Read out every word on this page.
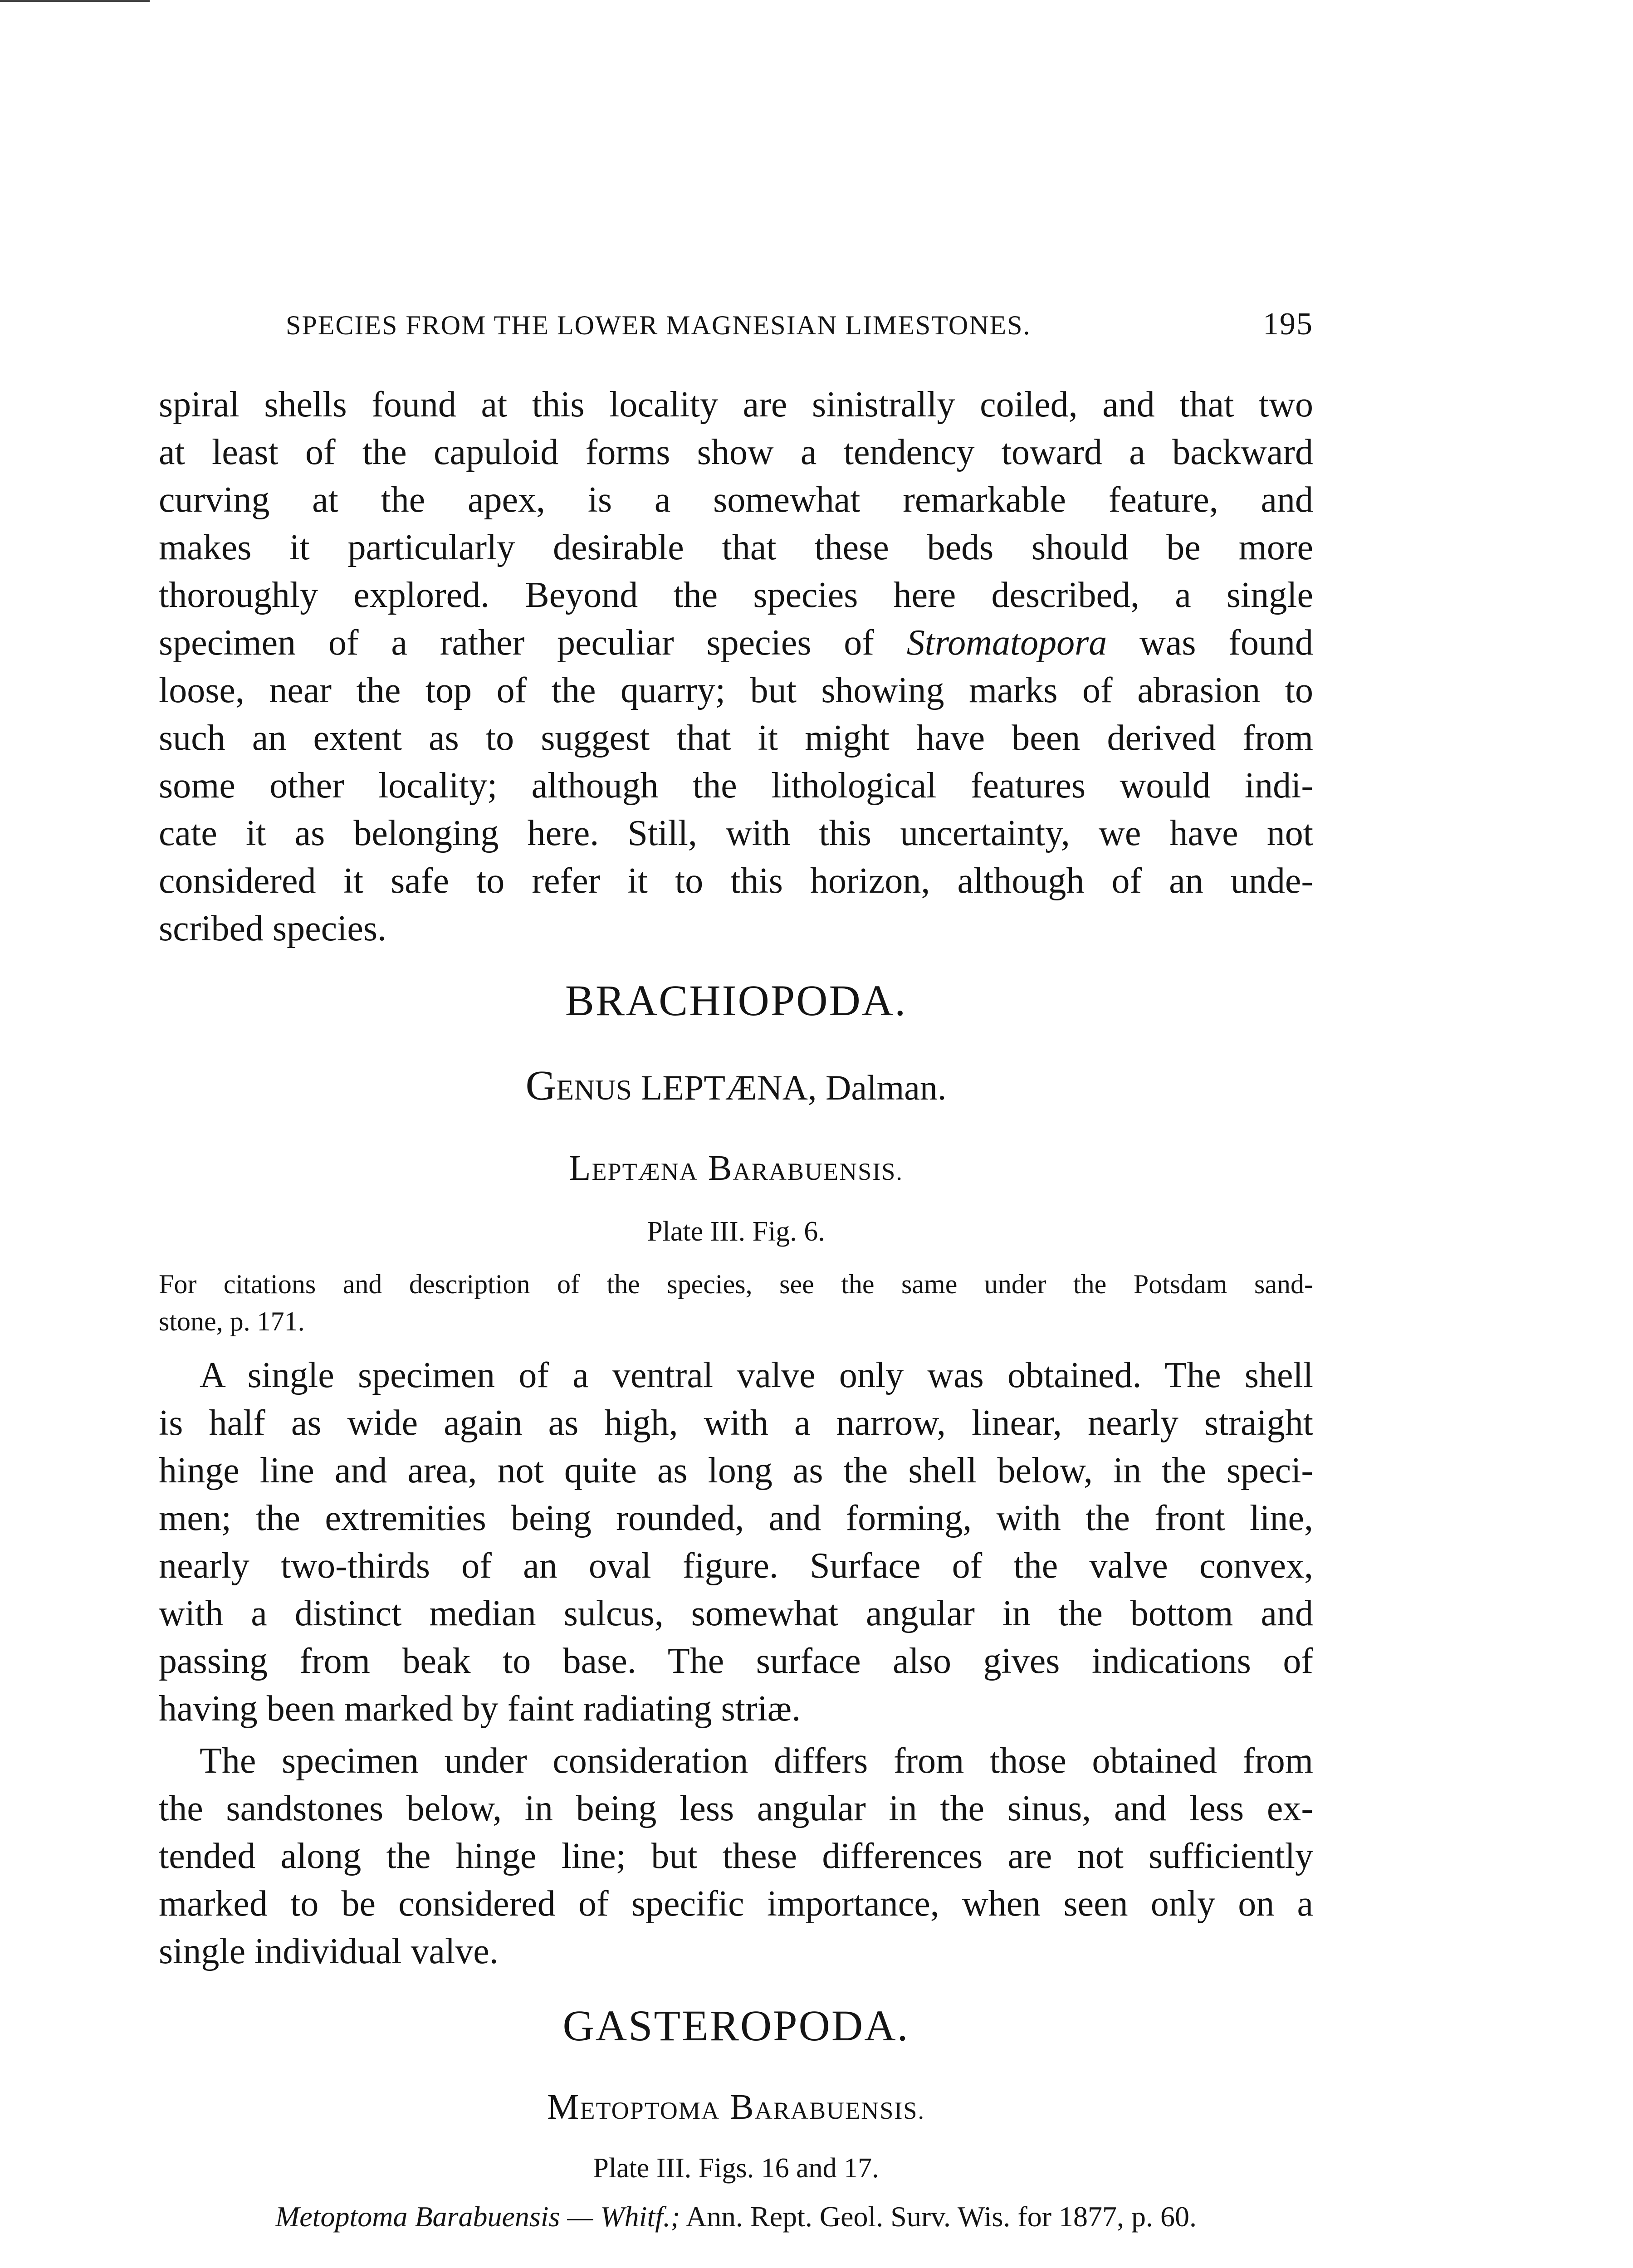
SPECIES FROM THE LOWER MAGNESIAN LIMESTONES.	195
spiral shells found at this locality are sinistrally coiled, and that two
at least of the capuloid forms show a tendency toward a backward
curving at the apex, is a somewhat remarkable feature, and
makes it particularly desirable that these beds should be more
thoroughly explored. Beyond the species here described, a single
specimen of a rather peculiar species of Stromatopora was found
loose, near the top of the quarry; but showing marks of abrasion to
such an extent as to suggest that it might have been derived from
some other locality; although the lithological features would indi-
cate it as belonging here. Still, with this uncertainty, we have not
considered it safe to refer it to this horizon, although of an unde-
scribed species.
BRACHIOPODA.
GENUS LEPTÆNA, Dalman.
LEPTÆNA BARABUENSIS.
Plate III. Fig. 6.
For citations and description of the species, see the same under the Potsdam sand-
stone, p. 171.
A single specimen of a ventral valve only was obtained. The shell
is half as wide again as high, with a narrow, linear, nearly straight
hinge line and area, not quite as long as the shell below, in the speci-
men; the extremities being rounded, and forming, with the front line,
nearly two-thirds of an oval figure. Surface of the valve convex,
with a distinct median sulcus, somewhat angular in the bottom and
passing from beak to base. The surface also gives indications of
having been marked by faint radiating striæ.
The specimen under consideration differs from those obtained from
the sandstones below, in being less angular in the sinus, and less ex-
tended along the hinge line; but these differences are not sufficiently
marked to be considered of specific importance, when seen only on a
single individual valve.
GASTEROPODA.
METOPTOMA BARABUENSIS.
Plate III. Figs. 16 and 17.
Metoptoma Barabuensis — Whitf.; Ann. Rept. Geol. Surv. Wis. for 1877, p. 60.
